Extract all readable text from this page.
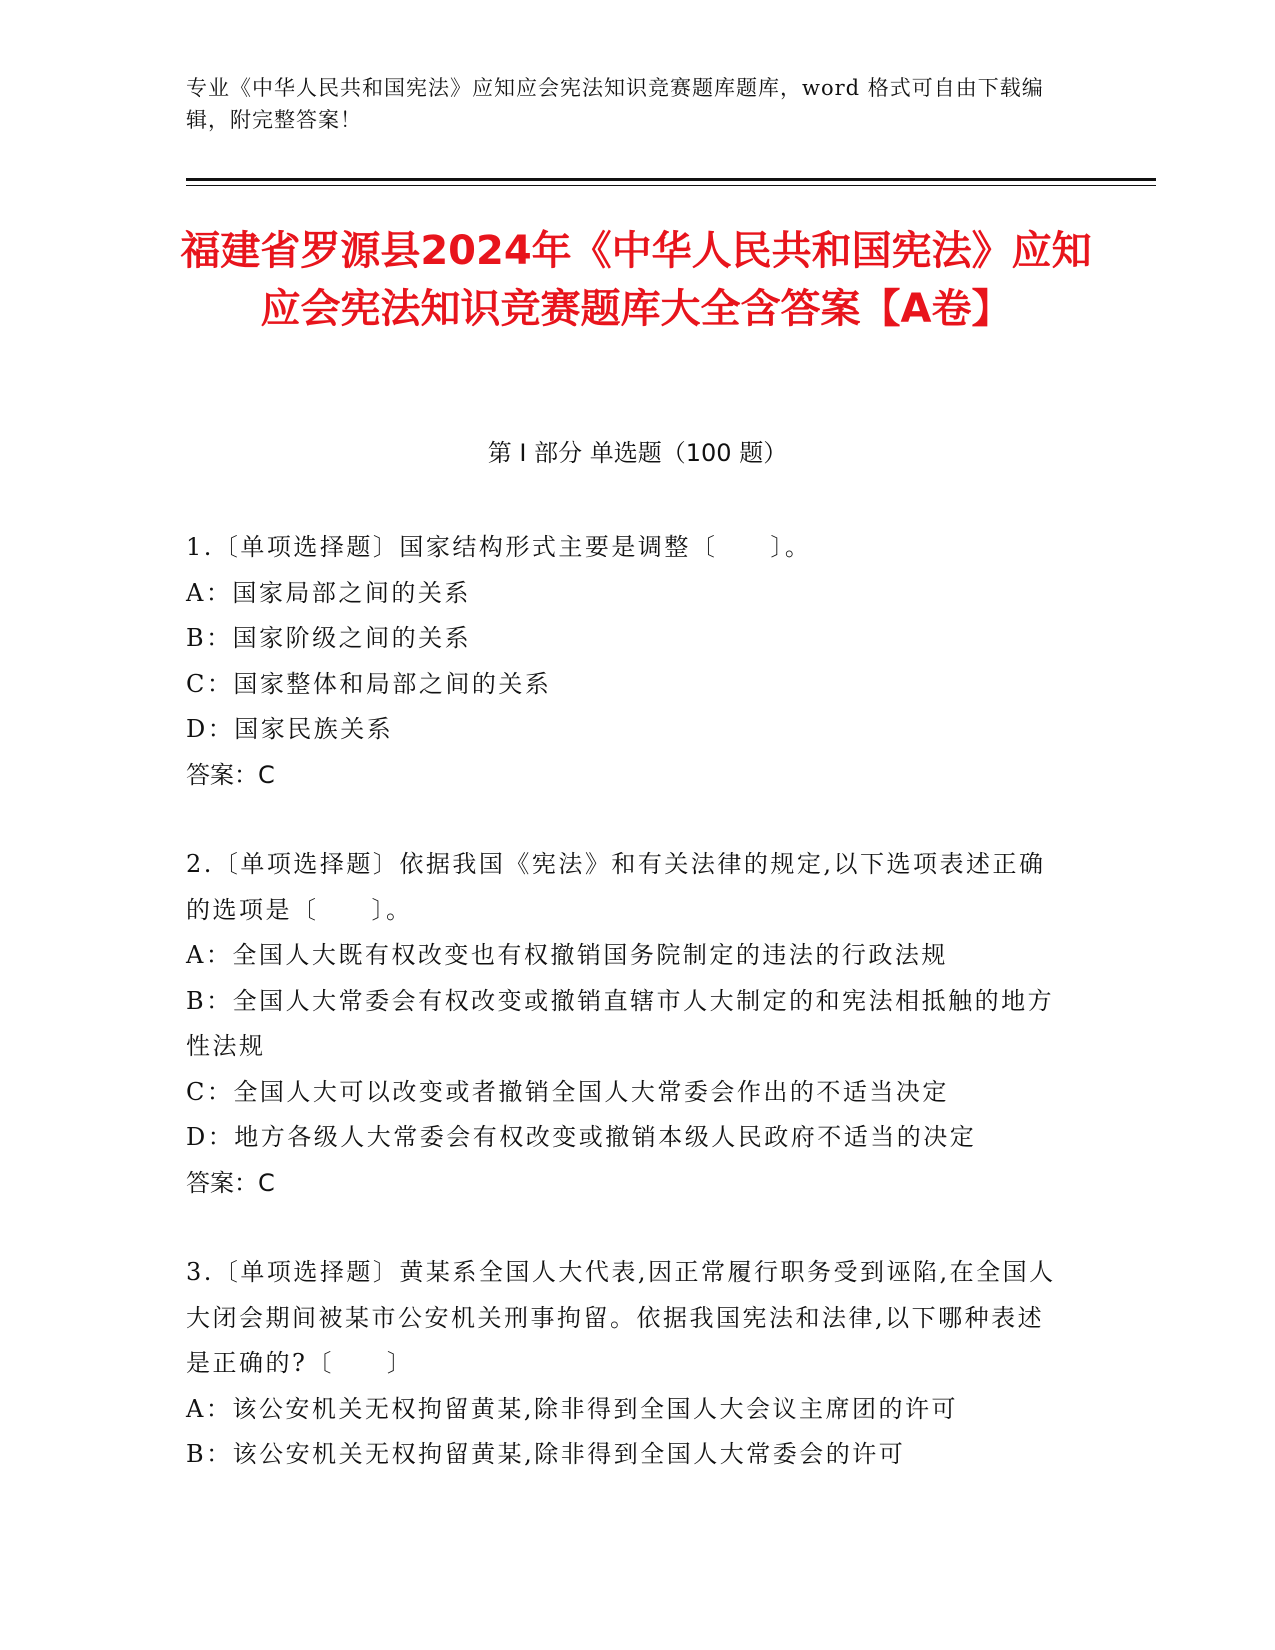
专业《中华人民共和国宪法》应知应会宪法知识竞赛题库题库，word 格式可自由下载编辑，附完整答案！
福建省罗源县2024年《中华人民共和国宪法》应知应会宪法知识竞赛题库大全含答案【A卷】
第 I 部分 单选题（100 题）

1.〔单项选择题〕国家结构形式主要是调整〔　　〕。

A：国家局部之间的关系

B：国家阶级之间的关系

C：国家整体和局部之间的关系

D：国家民族关系

答案：C

2.〔单项选择题〕依据我国《宪法》和有关法律的规定,以下选项表述正确的选项是〔　　〕。

A：全国人大既有权改变也有权撤销国务院制定的违法的行政法规

B：全国人大常委会有权改变或撤销直辖市人大制定的和宪法相抵触的地方性法规

C：全国人大可以改变或者撤销全国人大常委会作出的不适当决定

D：地方各级人大常委会有权改变或撤销本级人民政府不适当的决定

答案：C

3.〔单项选择题〕黄某系全国人大代表,因正常履行职务受到诬陷,在全国人大闭会期间被某市公安机关刑事拘留。依据我国宪法和法律,以下哪种表述是正确的?〔　　〕

A：该公安机关无权拘留黄某,除非得到全国人大会议主席团的许可

B：该公安机关无权拘留黄某,除非得到全国人大常委会的许可
